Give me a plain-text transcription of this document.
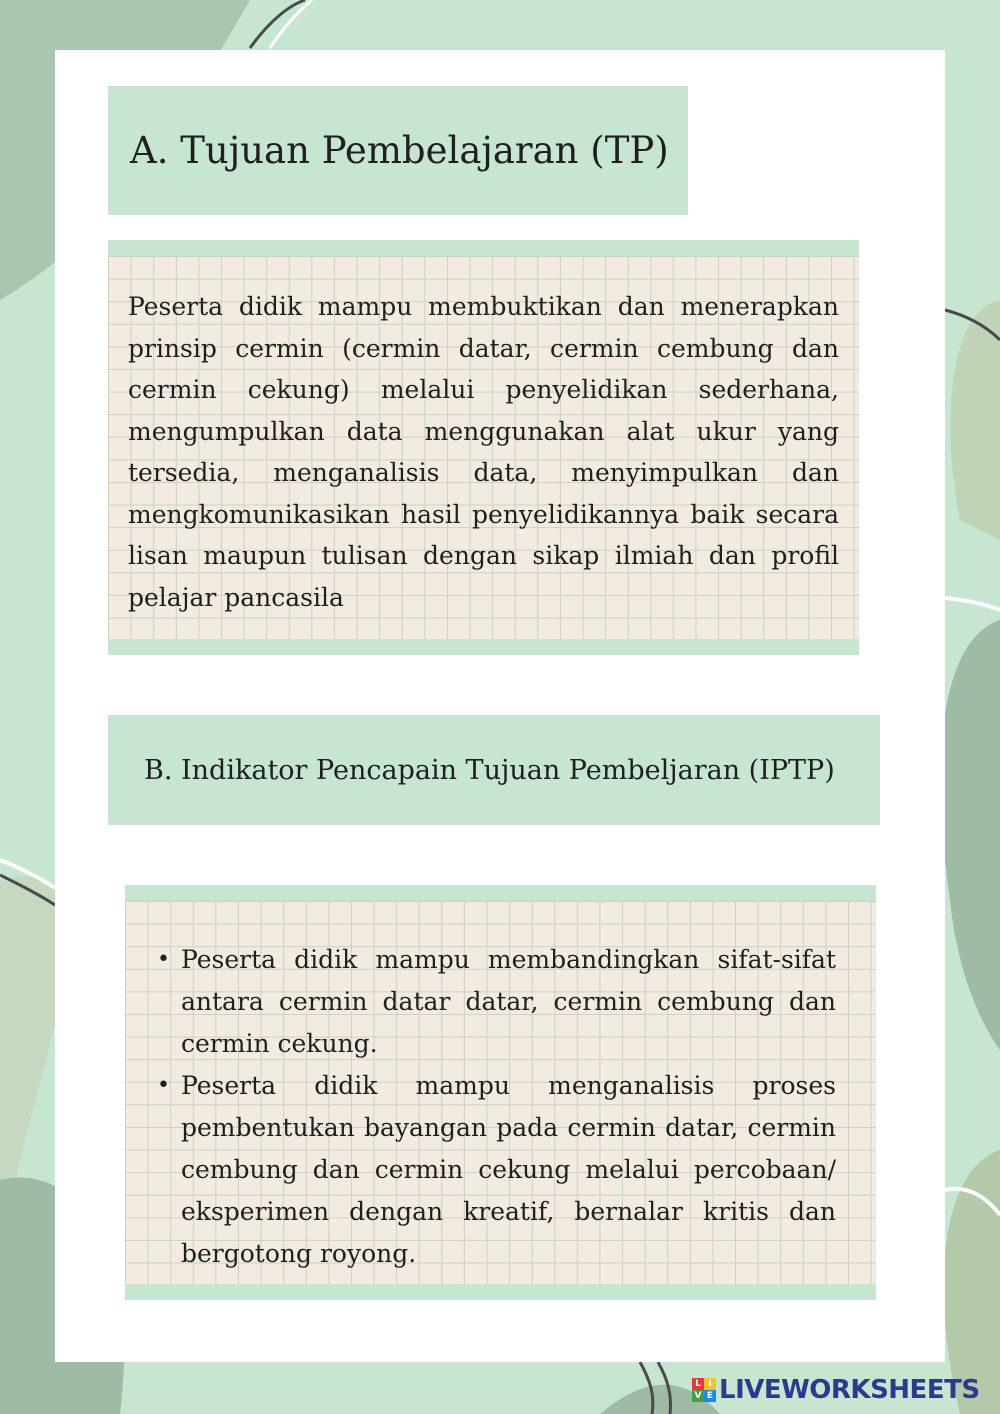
A. Tujuan Pembelajaran (TP)

Peserta didik mampu membuktikan dan menerapkan prinsip cermin (cermin datar, cermin cembung dan cermin cekung) melalui penyelidikan sederhana, mengumpulkan data menggunakan alat ukur yang tersedia, menganalisis data, menyimpulkan dan mengkomunikasikan hasil penyelidikannya baik secara lisan maupun tulisan dengan sikap ilmiah dan profil pelajar pancasila

B. Indikator Pencapain Tujuan Pembeljaran (IPTP)
• Peserta didik mampu membandingkan sifat-sifat antara cermin datar datar, cermin cembung dan cermin cekung.
• Peserta didik mampu menganalisis proses pembentukan bayangan pada cermin datar, cermin cembung dan cermin cekung melalui percobaan/ eksperimen dengan kreatif, bernalar kritis dan bergotong royong.
L I
V E LIVEWORKSHEETS
